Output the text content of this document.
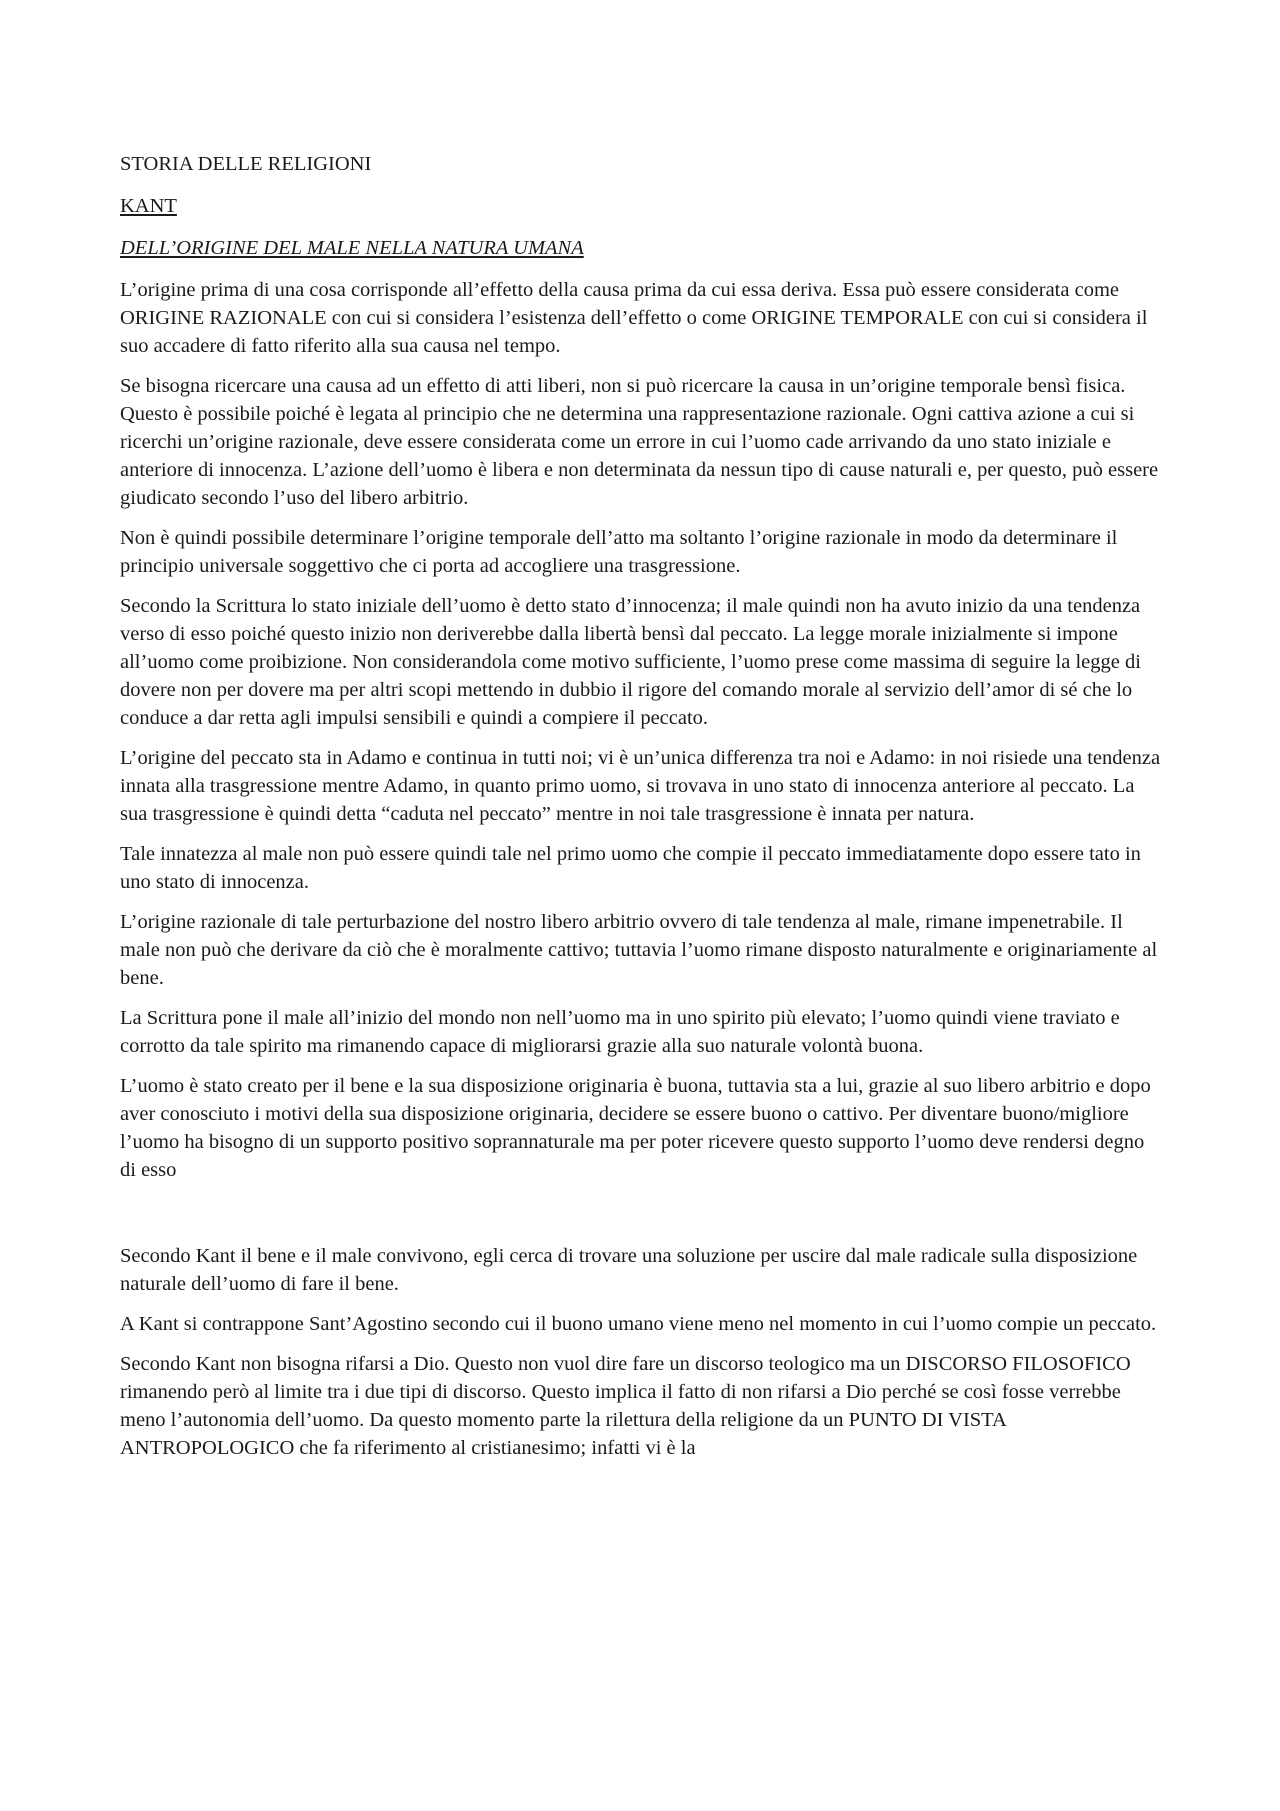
STORIA DELLE RELIGIONI
KANT
DELL’ORIGINE DEL MALE NELLA NATURA UMANA

L’origine prima di una cosa corrisponde all’effetto della causa prima da cui essa deriva. Essa può essere considerata come ORIGINE RAZIONALE con cui si considera l’esistenza dell’effetto o come ORIGINE TEMPORALE con cui si considera il suo accadere di fatto riferito alla sua causa nel tempo.

Se bisogna ricercare una causa ad un effetto di atti liberi, non si può ricercare la causa in un’origine temporale bensì fisica. Questo è possibile poiché è legata al principio che ne determina una rappresentazione razionale. Ogni cattiva azione a cui si ricerchi un’origine razionale, deve essere considerata come un errore in cui l’uomo cade arrivando da uno stato iniziale e anteriore di innocenza. L’azione dell’uomo è libera e non determinata da nessun tipo di cause naturali e, per questo, può essere giudicato secondo l’uso del libero arbitrio.

Non è quindi possibile determinare l’origine temporale dell’atto ma soltanto l’origine razionale in modo da determinare il principio universale soggettivo che ci porta ad accogliere una trasgressione.

Secondo la Scrittura lo stato iniziale dell’uomo è detto stato d’innocenza; il male quindi non ha avuto inizio da una tendenza verso di esso poiché questo inizio non deriverebbe dalla libertà bensì dal peccato. La legge morale inizialmente si impone all’uomo come proibizione. Non considerandola come motivo sufficiente, l’uomo prese come massima di seguire la legge di dovere non per dovere ma per altri scopi mettendo in dubbio il rigore del comando morale al servizio dell’amor di sé che lo conduce a dar retta agli impulsi sensibili e quindi a compiere il peccato.

L’origine del peccato sta in Adamo e continua in tutti noi; vi è un’unica differenza tra noi e Adamo: in noi risiede una tendenza innata alla trasgressione mentre Adamo, in quanto primo uomo, si trovava in uno stato di innocenza anteriore al peccato. La sua trasgressione è quindi detta “caduta nel peccato” mentre in noi tale trasgressione è innata per natura.

Tale innatezza al male non può essere quindi tale nel primo uomo che compie il peccato immediatamente dopo essere tato in uno stato di innocenza.

L’origine razionale di tale perturbazione del nostro libero arbitrio ovvero di tale tendenza al male, rimane impenetrabile. Il male non può che derivare da ciò che è moralmente cattivo; tuttavia l’uomo rimane disposto naturalmente e originariamente al bene.

La Scrittura pone il male all’inizio del mondo non nell’uomo ma in uno spirito più elevato; l’uomo quindi viene traviato e corrotto da tale spirito ma rimanendo capace di migliorarsi grazie alla suo naturale volontà buona.

L’uomo è stato creato per il bene e la sua disposizione originaria è buona, tuttavia sta a lui, grazie al suo libero arbitrio e dopo aver conosciuto i motivi della sua disposizione originaria, decidere se essere buono o cattivo. Per diventare buono/migliore l’uomo ha bisogno di un supporto positivo soprannaturale ma per poter ricevere questo supporto l’uomo deve rendersi degno di esso

Secondo Kant il bene e il male convivono, egli cerca di trovare una soluzione per uscire dal male radicale sulla disposizione naturale dell’uomo di fare il bene.

A Kant si contrappone Sant’Agostino secondo cui il buono umano viene meno nel momento in cui l’uomo compie un peccato.

Secondo Kant non bisogna rifarsi a Dio. Questo non vuol dire fare un discorso teologico ma un DISCORSO FILOSOFICO rimanendo però al limite tra i due tipi di discorso. Questo implica il fatto di non rifarsi a Dio perché se così fosse verrebbe meno l’autonomia dell’uomo. Da questo momento parte la rilettura della religione da un PUNTO DI VISTA ANTROPOLOGICO che fa riferimento al cristianesimo; infatti vi è la
